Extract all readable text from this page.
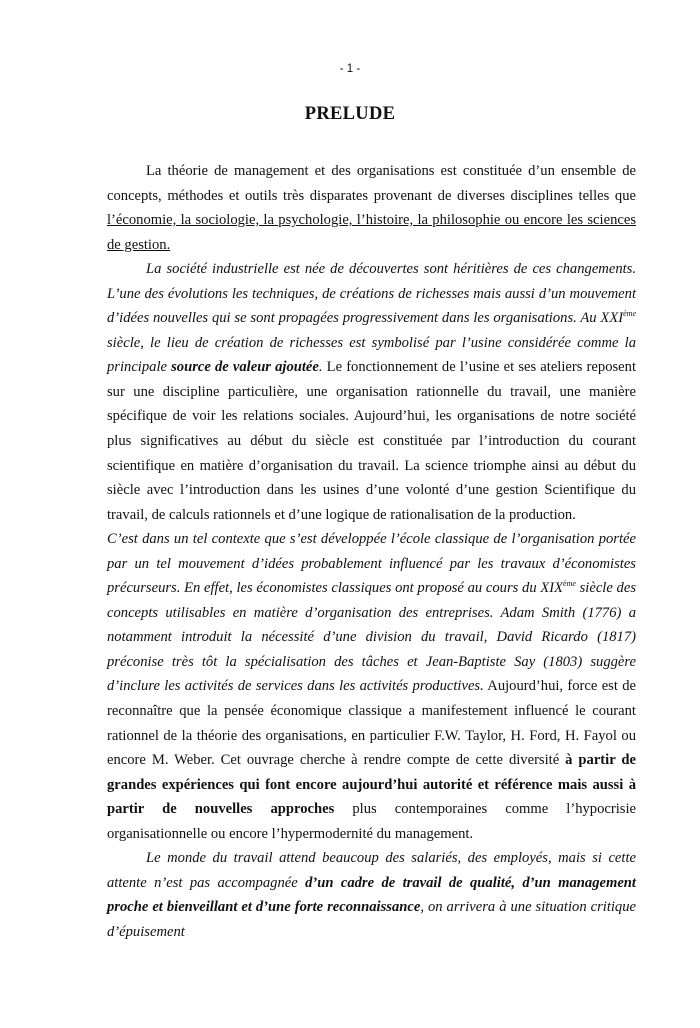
- 1 -
PRELUDE

La théorie de management et des organisations est constituée d’un ensemble de concepts, méthodes et outils très disparates provenant de diverses disciplines telles que l’économie, la sociologie, la psychologie, l’histoire, la philosophie ou encore les sciences de gestion.

La société industrielle est née de découvertes sont héritières de ces changements. L’une des évolutions les techniques, de créations de richesses mais aussi d’un mouvement d’idées nouvelles qui se sont propagées progressivement dans les organisations. Au XXIème siècle, le lieu de création de richesses est symbolisé par l’usine considérée comme la principale source de valeur ajoutée. Le fonctionnement de l’usine et ses ateliers reposent sur une discipline particulière, une organisation rationnelle du travail, une manière spécifique de voir les relations sociales. Aujourd’hui, les organisations de notre société plus significatives au début du siècle est constituée par l’introduction du courant scientifique en matière d’organisation du travail. La science triomphe ainsi au début du siècle avec l’introduction dans les usines d’une volonté d’une gestion Scientifique du travail, de calculs rationnels et d’une logique de rationalisation de la production.

C’est dans un tel contexte que s’est développée l’école classique de l’organisation portée par un tel mouvement d’idées probablement influencé par les travaux d’économistes précurseurs. En effet, les économistes classiques ont proposé au cours du XIXème siècle des concepts utilisables en matière d’organisation des entreprises. Adam Smith (1776) a notamment introduit la nécessité d’une division du travail, David Ricardo (1817) préconise très tôt la spécialisation des tâches et Jean-Baptiste Say (1803) suggère d’inclure les activités de services dans les activités productives. Aujourd’hui, force est de reconnaître que la pensée économique classique a manifestement influencé le courant rationnel de la théorie des organisations, en particulier F.W. Taylor, H. Ford, H. Fayol ou encore M. Weber. Cet ouvrage cherche à rendre compte de cette diversité à partir de grandes expériences qui font encore aujourd’hui autorité et référence mais aussi à partir de nouvelles approches plus contemporaines comme l’hypocrisie organisationnelle ou encore l’hypermodernité du management.

Le monde du travail attend beaucoup des salariés, des employés, mais si cette attente n’est pas accompagnée d’un cadre de travail de qualité, d’un management proche et bienveillant et d’une forte reconnaissance, on arrivera à une situation critique d’épuisement
